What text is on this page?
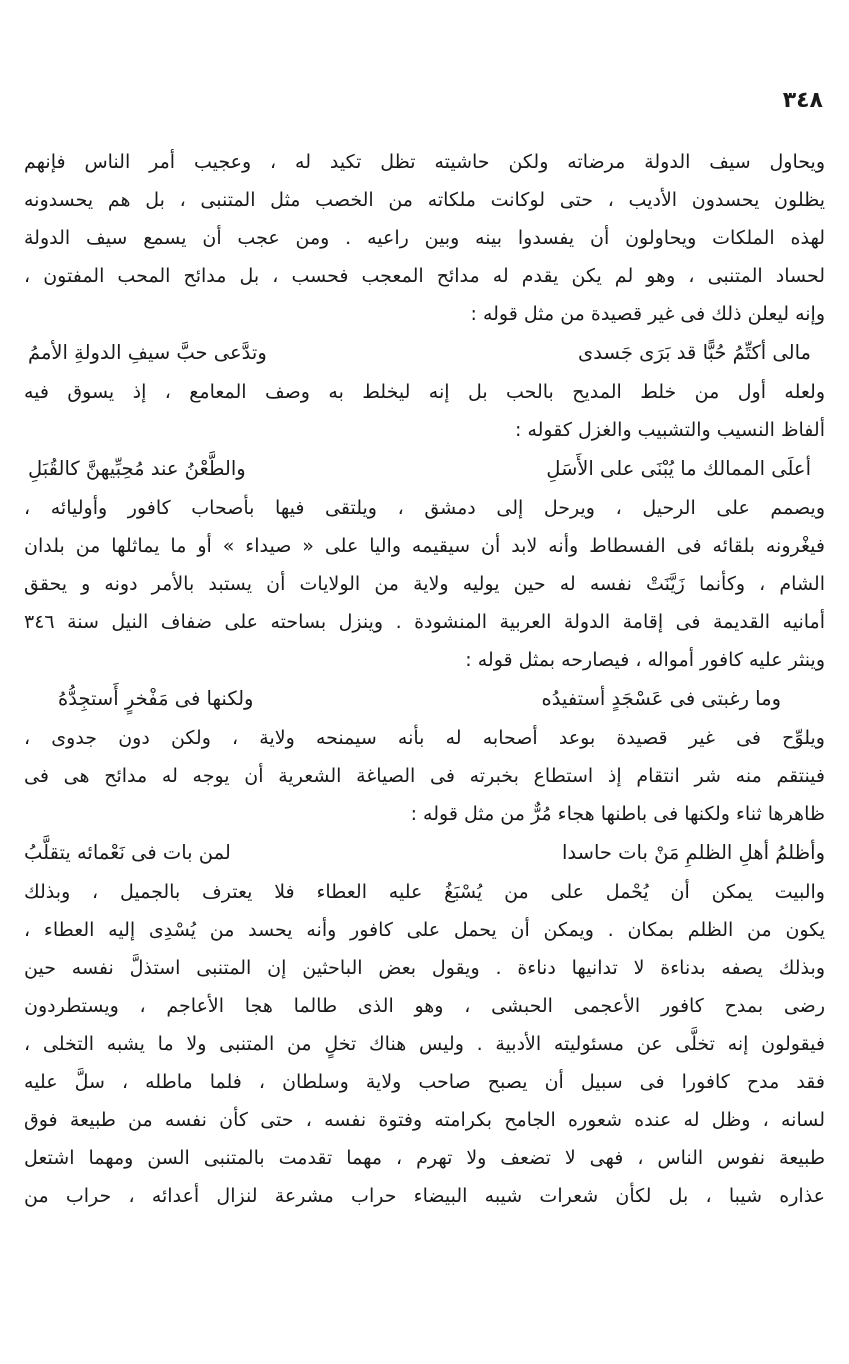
٣٤٨
ويحاول سيف الدولة مرضاته ولكن حاشيته تظل تكيد له ، وعجيب أمر الناس فإنهم
يظلون يحسدون الأديب ، حتى لوكانت ملكاته من الخصب مثل المتنبى ، بل هم يحسدونه
لهذه الملكات ويحاولون أن يفسدوا بينه وبين راعيه . ومن عجب أن يسمع سيف الدولة
لحساد المتنبى ، وهو لم يكن يقدم له مدائح المعجب فحسب ، بل مدائح المحب المفتون ،
وإنه ليعلن ذلك فى غير قصيدة من مثل قوله :
مالى أكتِّمُ حُبًّا قد بَرَى جَسدى
وتدَّعى حبَّ سيفِ الدولةِ الأممُ
ولعله أول من خلط المديح بالحب بل إنه ليخلط به وصف المعامع ، إذ يسوق فيه
ألفاظ النسيب والتشبيب والغزل كقوله :
أعلَى الممالك ما يُبْنَى على الأَسَلِ
والطَّعْنُ عند مُحِبِّيهنَّ كالقُبَلِ
ويصمم على الرحيل ، ويرحل إلى دمشق ، ويلتقى فيها بأصحاب كافور وأوليائه ،
فيغْرونه بلقائه فى الفسطاط وأنه لابد أن سيقيمه واليا على « صيداء » أو ما يماثلها من بلدان
الشام ، وكأنما زَيَّنَتْ نفسه له حين يوليه ولاية من الولايات أن يستبد بالأمر دونه و يحقق
أمانيه القديمة فى إقامة الدولة العربية المنشودة . وينزل بساحته على ضفاف النيل سنة ٣٤٦
وينثر عليه كافور أمواله ، فيصارحه بمثل قوله :
وما رغبتى فى عَسْجَدٍ أستفيدُه
ولكنها فى مَفْخرٍ أَستجِدُّهُ
ويلوِّح فى غير قصيدة بوعد أصحابه له بأنه سيمنحه ولاية ، ولكن دون جدوى ،
فينتقم منه شر انتقام إذ استطاع بخبرته فى الصياغة الشعرية أن يوجه له مدائح هى فى
ظاهرها ثناء ولكنها فى باطنها هجاء مُرٌّ من مثل قوله :
وأظلمُ أهلِ الظلمِ مَنْ بات حاسدا
لمن بات فى نَعْمائه يتقلَّبُ
والبيت يمكن أن يُحْمل على من يُسْبَغُ عليه العطاء فلا يعترف بالجميل ، وبذلك
يكون من الظلم بمكان . ويمكن أن يحمل على كافور وأنه يحسد من يُسْدِى إليه العطاء ،
وبذلك يصفه بدناءة لا تدانيها دناءة . ويقول بعض الباحثين إن المتنبى استذلَّ نفسه حين
رضى بمدح كافور الأعجمى الحبشى ، وهو الذى طالما هجا الأعاجم ، ويستطردون
فيقولون إنه تخلَّى عن مسئوليته الأدبية . وليس هناك تخلٍ من المتنبى ولا ما يشبه التخلى ،
فقد مدح كافورا فى سبيل أن يصبح صاحب ولاية وسلطان ، فلما ماطله ، سلَّ عليه
لسانه ، وظل له عنده شعوره الجامح بكرامته وفتوة نفسه ، حتى كأن نفسه من طبيعة فوق
طبيعة نفوس الناس ، فهى لا تضعف ولا تهرم ، مهما تقدمت بالمتنبى السن ومهما اشتعل
عذاره شيبا ، بل لكأن شعرات شيبه البيضاء حراب مشرعة لنزال أعدائه ، حراب من
